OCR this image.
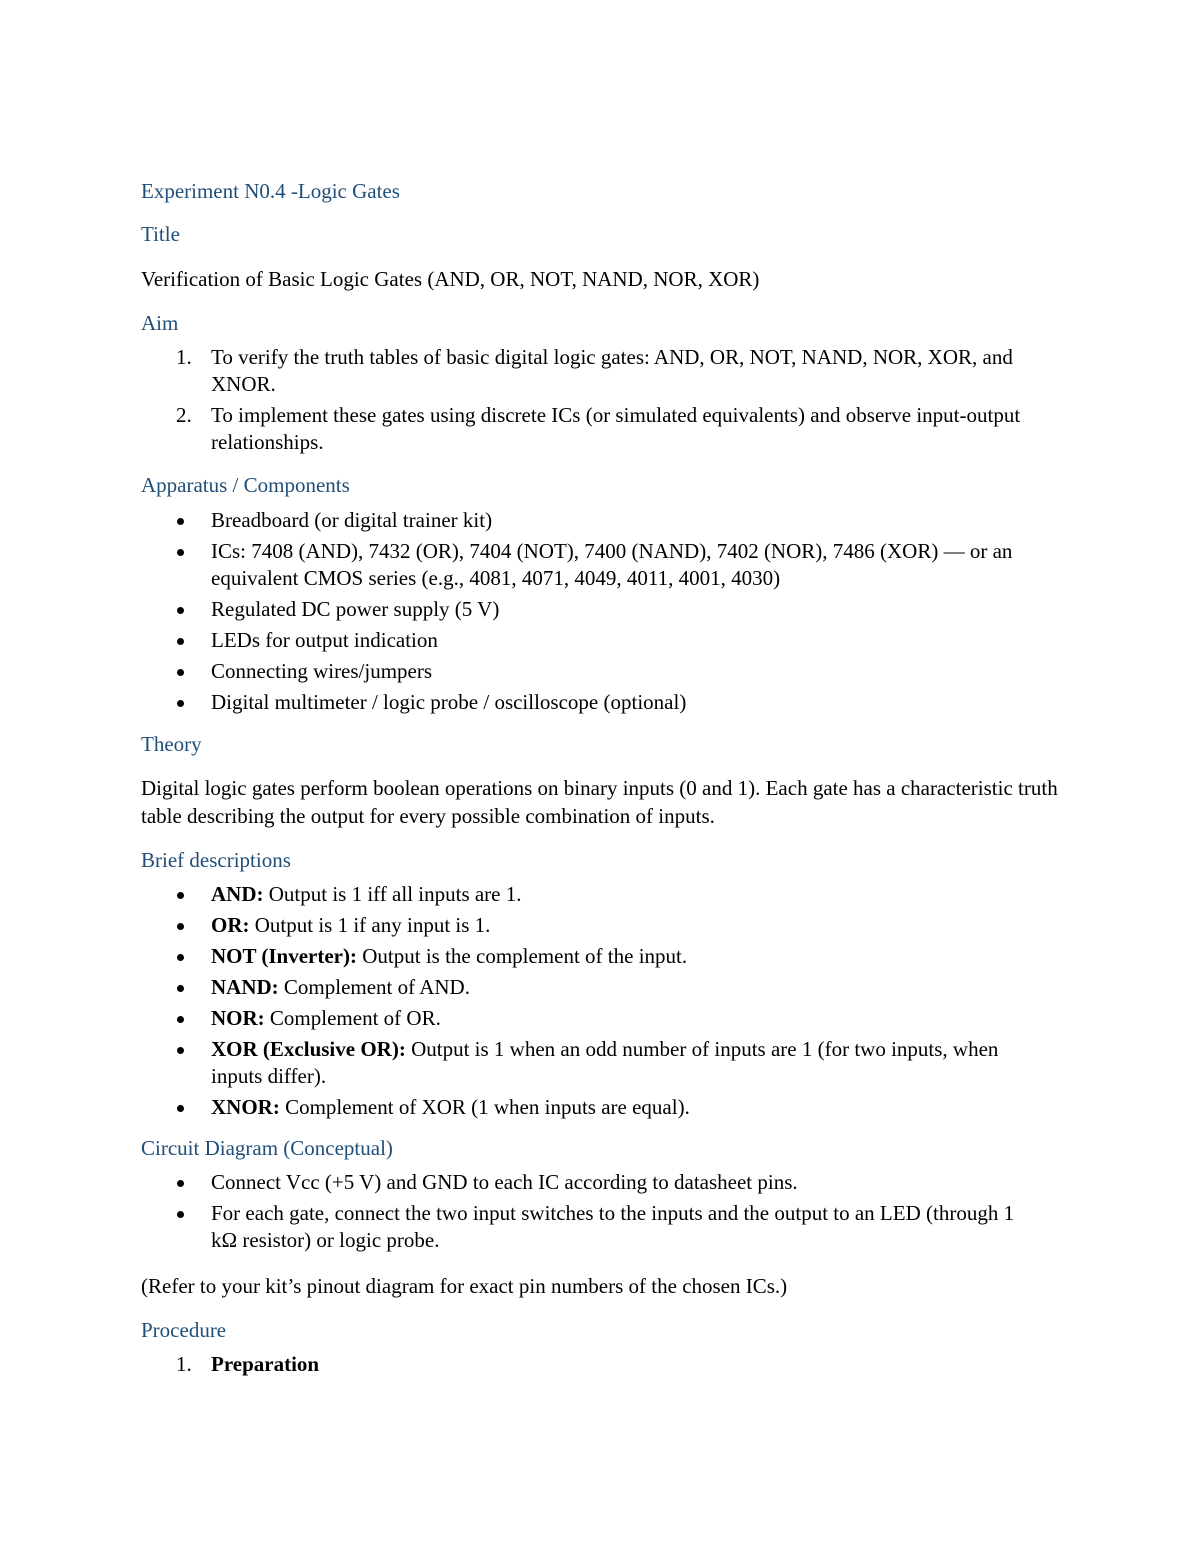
Experiment N0.4 -Logic Gates

Title

Verification of Basic Logic Gates (AND, OR, NOT, NAND, NOR, XOR)

Aim

1. To verify the truth tables of basic digital logic gates: AND, OR, NOT, NAND, NOR, XOR, and XNOR.
2. To implement these gates using discrete ICs (or simulated equivalents) and observe input-output relationships.

Apparatus / Components

Breadboard (or digital trainer kit)
ICs: 7408 (AND), 7432 (OR), 7404 (NOT), 7400 (NAND), 7402 (NOR), 7486 (XOR) — or an equivalent CMOS series (e.g., 4081, 4071, 4049, 4011, 4001, 4030)
Regulated DC power supply (5 V)
LEDs for output indication
Connecting wires/jumpers
Digital multimeter / logic probe / oscilloscope (optional)

Theory

Digital logic gates perform boolean operations on binary inputs (0 and 1). Each gate has a characteristic truth table describing the output for every possible combination of inputs.

Brief descriptions

AND: Output is 1 iff all inputs are 1.
OR: Output is 1 if any input is 1.
NOT (Inverter): Output is the complement of the input.
NAND: Complement of AND.
NOR: Complement of OR.
XOR (Exclusive OR): Output is 1 when an odd number of inputs are 1 (for two inputs, when inputs differ).
XNOR: Complement of XOR (1 when inputs are equal).

Circuit Diagram (Conceptual)

Connect Vcc (+5 V) and GND to each IC according to datasheet pins.
For each gate, connect the two input switches to the inputs and the output to an LED (through 1 kΩ resistor) or logic probe.

(Refer to your kit’s pinout diagram for exact pin numbers of the chosen ICs.)

Procedure

1. Preparation
